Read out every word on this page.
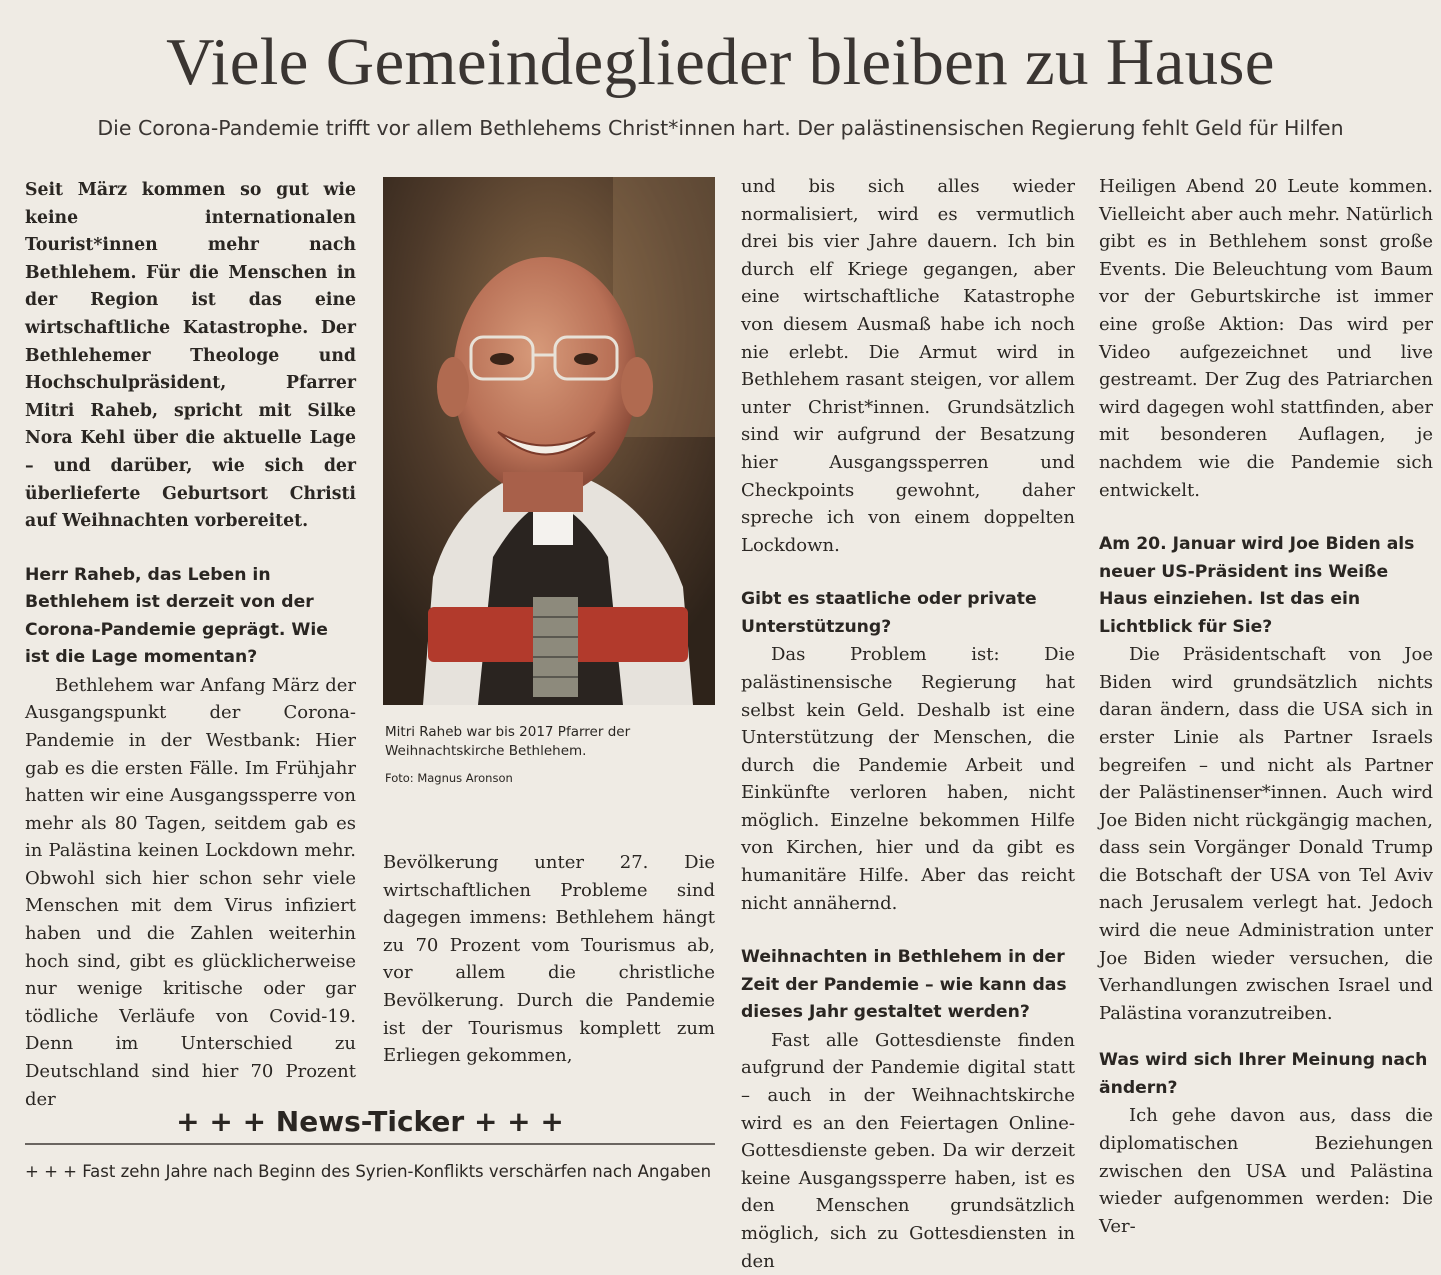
Viele Gemeindeglieder bleiben zu Hause
Die Corona-Pandemie trifft vor allem Bethlehems Christ*innen hart. Der palästinensischen Regierung fehlt Geld für Hilfen

Seit März kommen so gut wie keine internationalen Tourist*innen mehr nach Bethlehem. Für die Menschen in der Region ist das eine wirtschaftliche Katastrophe. Der Bethlehemer Theologe und Hochschulpräsident, Pfarrer Mitri Raheb, spricht mit Silke Nora Kehl über die aktuelle Lage – und darüber, wie sich der überlieferte Geburtsort Christi auf Weihnachten vorbereitet.

Herr Raheb, das Leben in Bethlehem ist derzeit von der Corona-Pandemie geprägt. Wie ist die Lage momentan?

Bethlehem war Anfang März der Ausgangspunkt der Corona-Pandemie in der Westbank: Hier gab es die ersten Fälle. Im Frühjahr hatten wir eine Ausgangssperre von mehr als 80 Tagen, seitdem gab es in Palästina keinen Lockdown mehr. Obwohl sich hier schon sehr viele Menschen mit dem Virus infiziert haben und die Zahlen weiterhin hoch sind, gibt es glücklicherweise nur wenige kritische oder gar tödliche Verläufe von Covid-19. Denn im Unterschied zu Deutschland sind hier 70 Prozent der

Mitri Raheb war bis 2017 Pfarrer der Weihnachtskirche Bethlehem.
Foto: Magnus Aronson

Bevölkerung unter 27. Die wirtschaftlichen Probleme sind dagegen immens: Bethlehem hängt zu 70 Prozent vom Tourismus ab, vor allem die christliche Bevölkerung. Durch die Pandemie ist der Tourismus komplett zum Erliegen gekommen,

und bis sich alles wieder normalisiert, wird es vermutlich drei bis vier Jahre dauern. Ich bin durch elf Kriege gegangen, aber eine wirtschaftliche Katastrophe von diesem Ausmaß habe ich noch nie erlebt. Die Armut wird in Bethlehem rasant steigen, vor allem unter Christ*innen. Grundsätzlich sind wir aufgrund der Besatzung hier Ausgangssperren und Checkpoints gewohnt, daher spreche ich von einem doppelten Lockdown.

Gibt es staatliche oder private Unterstützung?

Das Problem ist: Die palästinensische Regierung hat selbst kein Geld. Deshalb ist eine Unterstützung der Menschen, die durch die Pandemie Arbeit und Einkünfte verloren haben, nicht möglich. Einzelne bekommen Hilfe von Kirchen, hier und da gibt es humanitäre Hilfe. Aber das reicht nicht annähernd.

Weihnachten in Bethlehem in der Zeit der Pandemie – wie kann das dieses Jahr gestaltet werden?

Fast alle Gottesdienste finden aufgrund der Pandemie digital statt – auch in der Weihnachtskirche wird es an den Feiertagen Online-Gottesdienste geben. Da wir derzeit keine Ausgangssperre haben, ist es den Menschen grundsätzlich möglich, sich zu Gottesdiensten in den

Heiligen Abend 20 Leute kommen. Vielleicht aber auch mehr. Natürlich gibt es in Bethlehem sonst große Events. Die Beleuchtung vom Baum vor der Geburtskirche ist immer eine große Aktion: Das wird per Video aufgezeichnet und live gestreamt. Der Zug des Patriarchen wird dagegen wohl stattfinden, aber mit besonderen Auflagen, je nachdem wie die Pandemie sich entwickelt.

Am 20. Januar wird Joe Biden als neuer US-Präsident ins Weiße Haus einziehen. Ist das ein Lichtblick für Sie?

Die Präsidentschaft von Joe Biden wird grundsätzlich nichts daran ändern, dass die USA sich in erster Linie als Partner Israels begreifen – und nicht als Partner der Palästinenser*innen. Auch wird Joe Biden nicht rückgängig machen, dass sein Vorgänger Donald Trump die Botschaft der USA von Tel Aviv nach Jerusalem verlegt hat. Jedoch wird die neue Administration unter Joe Biden wieder versuchen, die Verhandlungen zwischen Israel und Palästina voranzutreiben.

Was wird sich Ihrer Meinung nach ändern?

Ich gehe davon aus, dass die diplomatischen Beziehungen zwischen den USA und Palästina wieder aufgenommen werden: Die Ver-

+ + + News-Ticker + + +
+ + + Fast zehn Jahre nach Beginn des Syrien-Konflikts verschärfen nach Angaben
